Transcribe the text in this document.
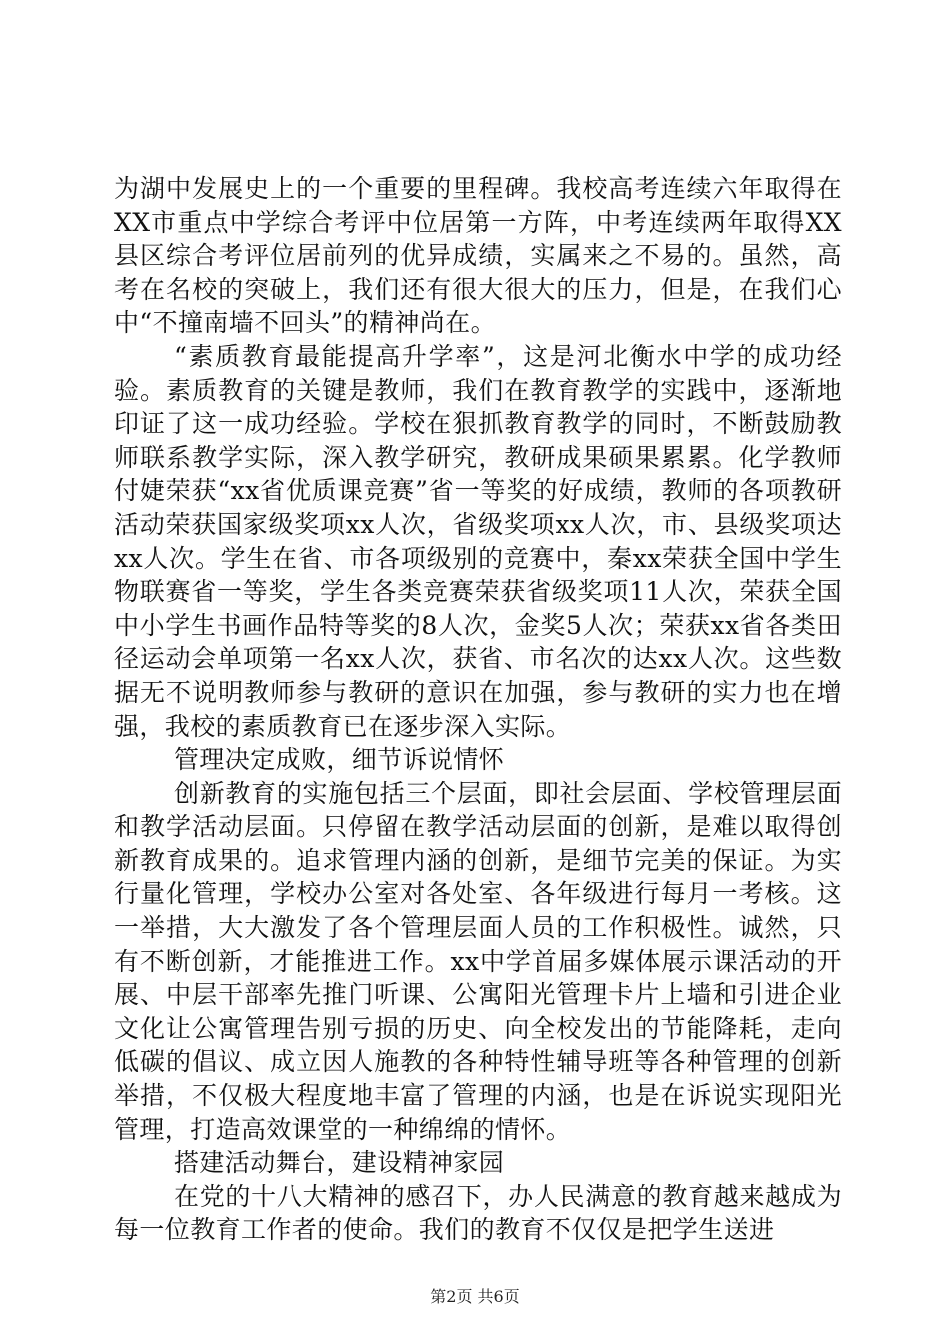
为湖中发展史上的一个重要的里程碑。我校高考连续六年取得在XX市重点中学综合考评中位居第一方阵，中考连续两年取得XX县区综合考评位居前列的优异成绩，实属来之不易的。虽然，高考在名校的突破上，我们还有很大很大的压力，但是，在我们心中“不撞南墙不回头”的精神尚在。

“素质教育最能提高升学率”，这是河北衡水中学的成功经验。素质教育的关键是教师，我们在教育教学的实践中，逐渐地印证了这一成功经验。学校在狠抓教育教学的同时，不断鼓励教师联系教学实际，深入教学研究，教研成果硕果累累。化学教师付婕荣获“xx省优质课竞赛”省一等奖的好成绩，教师的各项教研活动荣获国家级奖项xx人次，省级奖项xx人次，市、县级奖项达xx人次。学生在省、市各项级别的竞赛中，秦xx荣获全国中学生物联赛省一等奖，学生各类竞赛荣获省级奖项11人次，荣获全国中小学生书画作品特等奖的8人次，金奖5人次；荣获xx省各类田径运动会单项第一名xx人次，获省、市名次的达xx人次。这些数据无不说明教师参与教研的意识在加强，参与教研的实力也在增强，我校的素质教育已在逐步深入实际。

管理决定成败，细节诉说情怀

创新教育的实施包括三个层面，即社会层面、学校管理层面和教学活动层面。只停留在教学活动层面的创新，是难以取得创新教育成果的。追求管理内涵的创新，是细节完美的保证。为实行量化管理，学校办公室对各处室、各年级进行每月一考核。这一举措，大大激发了各个管理层面人员的工作积极性。诚然，只有不断创新，才能推进工作。xx中学首届多媒体展示课活动的开展、中层干部率先推门听课、公寓阳光管理卡片上墙和引进企业文化让公寓管理告别亏损的历史、向全校发出的节能降耗，走向低碳的倡议、成立因人施教的各种特性辅导班等各种管理的创新举措，不仅极大程度地丰富了管理的内涵，也是在诉说实现阳光管理，打造高效课堂的一种绵绵的情怀。

搭建活动舞台，建设精神家园

在党的十八大精神的感召下，办人民满意的教育越来越成为每一位教育工作者的使命。我们的教育不仅仅是把学生送进

第2页 共6页
